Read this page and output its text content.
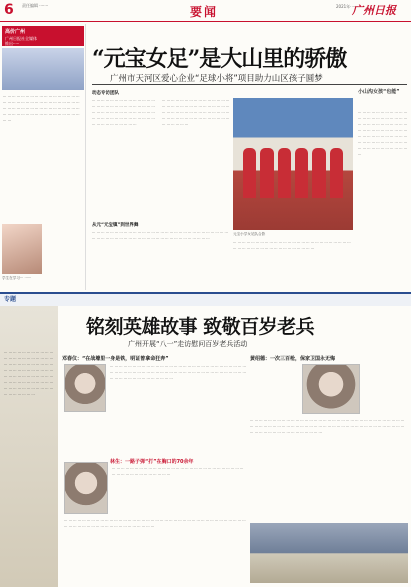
6 责任编辑 ·······	要闻	2021年······
广州日报
高价广州
广州日报社全媒体
推出·····
··· ··· ··· ··· ··· ··· ··· ··· ··· ··· ··· ··· ··· ··· ··· ··· ··· ··· ··· ··· ··· ··· ··· ··· ··· ··· ··· ··· ··· ··· ··· ··· ··· ··· ··· ··· ··· ··· ··· ··· ··· ··· ··· ··· ··· ··· ··· ··· ··· ··· ··· ··· ··· ··· ··· ··· ··· ··· ··· ··· ··· ··· ··· ··· ··· ··· ··· ··· ··· ···
学生在学习··· ······
“元宝女足”是大山里的骄傲
广州市天河区爱心企业“足球小将”项目助力山区孩子圆梦
动态专访团队
··· ··· ··· ··· ··· ··· ··· ··· ··· ··· ··· ··· ··· ··· ··· ··· ··· ··· ··· ··· ··· ··· ··· ··· ··· ··· ··· ··· ··· ··· ··· ··· ··· ··· ··· ··· ··· ··· ··· ··· ··· ··· ··· ··· ··· ··· ··· ··· ··· ··· ··· ··· ··· ··· ··· ··· ··· ··· ··· ··· ··· ··· ··· ··· ··· ···
··· ··· ··· ··· ··· ··· ··· ··· ··· ··· ··· ··· ··· ··· ··· ··· ··· ··· ··· ··· ··· ··· ··· ··· ··· ··· ··· ··· ··· ··· ··· ··· ··· ··· ··· ··· ··· ··· ··· ··· ··· ··· ··· ··· ··· ··· ··· ··· ··· ··· ··· ··· ··· ··· ··· ··· ··· ··· ··· ··· ··· ··· ··· ··· ··· ···
元宝小学女足队合影
小山沟女孩“也能”
··· ··· ··· ··· ··· ··· ··· ··· ··· ··· ··· ··· ··· ··· ··· ··· ··· ··· ··· ··· ··· ··· ··· ··· ··· ··· ··· ··· ··· ··· ··· ··· ··· ··· ··· ··· ··· ··· ··· ··· ··· ··· ··· ··· ··· ··· ··· ··· ··· ··· ··· ··· ··· ··· ··· ··· ··· ··· ··· ··· ··· ··· ··· ··· ··· ··· ··· ··· ··· ··· ··· ··· ··· ··· ··· ··· ··· ···
从元“元宝镇”到世界舞
··· ··· ··· ··· ··· ··· ··· ··· ··· ··· ··· ··· ··· ··· ··· ··· ··· ··· ··· ··· ··· ··· ··· ··· ··· ··· ··· ··· ··· ··· ··· ··· ··· ··· ··· ··· ··· ··· ··· ··· ··· ··· ··· ··· ··· ··· ··· ··· ··· ··· ··· ··· ··· ··· ··· ···
··· ··· ··· ··· ··· ··· ··· ··· ··· ··· ··· ··· ··· ··· ··· ··· ··· ··· ··· ··· ··· ··· ··· ··· ··· ··· ··· ··· ··· ··· ··· ··· ··· ··· ··· ··· ··· ··· ··· ··· ··· ··· ··· ···
专题
··· ··· ··· ··· ··· ··· ··· ··· ··· ··· ··· ··· ··· ··· ··· ··· ··· ··· ··· ··· ··· ··· ··· ··· ··· ··· ··· ··· ··· ··· ··· ··· ··· ··· ··· ··· ··· ··· ··· ··· ··· ··· ··· ··· ··· ··· ··· ··· ··· ··· ··· ··· ··· ··· ··· ··· ··· ··· ··· ··· ··· ··· ··· ··· ··· ··· ··· ··· ··· ··· ··· ··· ··· ··· ··· ··· ··· ··· ··· ··· ··· ··· ··· ···
铭刻英雄故事 致敬百岁老兵
广州开展“八一”走访慰问百岁老兵活动
邓春仪：“在战壕里一身是铁，明证曾拿命狂奔”
··· ··· ··· ··· ··· ··· ··· ··· ··· ··· ··· ··· ··· ··· ··· ··· ··· ··· ··· ··· ··· ··· ··· ··· ··· ··· ··· ··· ··· ··· ··· ··· ··· ··· ··· ··· ··· ··· ··· ··· ··· ··· ··· ··· ··· ··· ··· ··· ··· ··· ··· ··· ··· ··· ··· ··· ··· ··· ··· ··· ··· ··· ··· ··· ··· ··· ··· ··· ··· ··· ··· ··· ··· ···
黄绍德：一次三百枪，保家卫国永无悔
··· ··· ··· ··· ··· ··· ··· ··· ··· ··· ··· ··· ··· ··· ··· ··· ··· ··· ··· ··· ··· ··· ··· ··· ··· ··· ··· ··· ··· ··· ··· ··· ··· ··· ··· ··· ··· ··· ··· ··· ··· ··· ··· ··· ··· ··· ··· ··· ··· ··· ··· ··· ··· ··· ··· ··· ··· ··· ··· ··· ··· ··· ··· ··· ··· ··· ··· ··· ··· ··· ··· ··· ··· ··· ··· ··· ··· ··· ··· ··· ··· ··· ··· ···
林生：一路子弹“打”在胸口的70余年
··· ··· ··· ··· ··· ··· ··· ··· ··· ··· ··· ··· ··· ··· ··· ··· ··· ··· ··· ··· ··· ··· ··· ··· ··· ··· ··· ··· ··· ··· ··· ··· ··· ··· ··· ··· ··· ··· ··· ··· ··· ··· ··· ··· ··· ··· ··· ··· ··· ··· ··· ··· ··· ··· ··· ··· ··· ··· ··· ···
··· ··· ··· ··· ··· ··· ··· ··· ··· ··· ··· ··· ··· ··· ··· ··· ··· ··· ··· ··· ··· ··· ··· ··· ··· ··· ··· ··· ··· ··· ··· ··· ··· ··· ··· ··· ··· ··· ··· ··· ··· ···
